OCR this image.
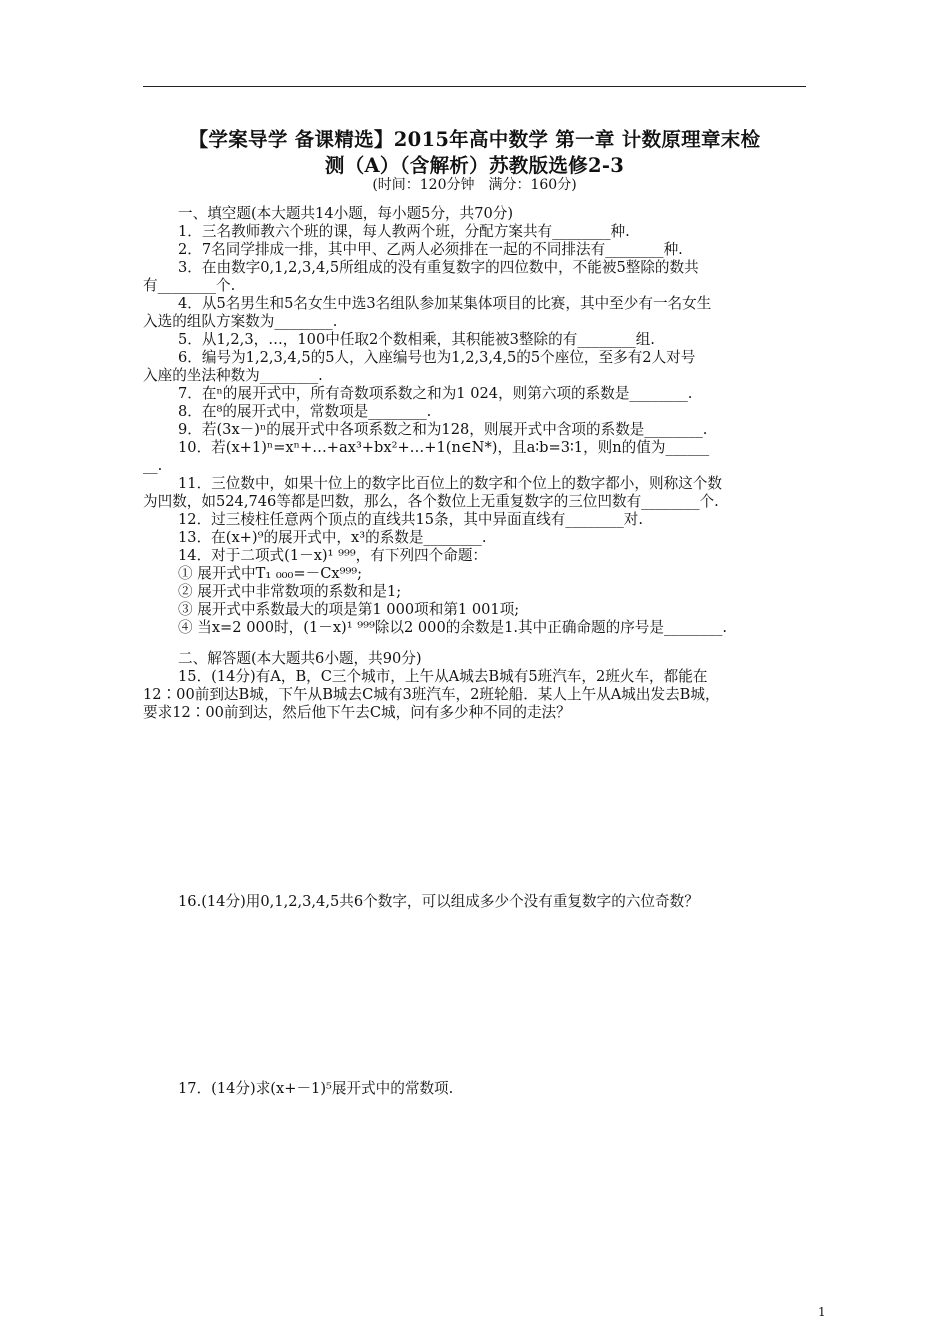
【学案导学 备课精选】2015年高中数学 第一章 计数原理章末检
测（A）（含解析）苏教版选修2-3
(时间：120分钟　满分：160分)
一、填空题(本大题共14小题，每小题5分，共70分)
1．三名教师教六个班的课，每人教两个班，分配方案共有________种.
2．7名同学排成一排，其中甲、乙两人必须排在一起的不同排法有________种.
3．在由数字0,1,2,3,4,5所组成的没有重复数字的四位数中，不能被5整除的数共
有________个.
4．从5名男生和5名女生中选3名组队参加某集体项目的比赛，其中至少有一名女生
入选的组队方案数为________.
5．从1,2,3，…，100中任取2个数相乘，其积能被3整除的有________组.
6．编号为1,2,3,4,5的5人，入座编号也为1,2,3,4,5的5个座位，至多有2人对号
入座的坐法种数为________.
7．在ⁿ的展开式中，所有奇数项系数之和为1 024，则第六项的系数是________.
8．在⁸的展开式中，常数项是________.
9．若(3x－)ⁿ的展开式中各项系数之和为128，则展开式中含项的系数是________.
10．若(x+1)ⁿ=xⁿ+…+ax³+bx²+…+1(n∈N*)，且a∶b=3∶1，则n的值为______
__.
11．三位数中，如果十位上的数字比百位上的数字和个位上的数字都小，则称这个数
为凹数，如524,746等都是凹数，那么，各个数位上无重复数字的三位凹数有________个.
12．过三棱柱任意两个顶点的直线共15条，其中异面直线有________对.
13．在(x+)⁹的展开式中，x³的系数是________.
14．对于二项式(1－x)¹ ⁹⁹⁹，有下列四个命题：
① 展开式中T₁ ₀₀₀=－Cx⁹⁹⁹;
② 展开式中非常数项的系数和是1;
③ 展开式中系数最大的项是第1 000项和第1 001项;
④ 当x=2 000时，(1－x)¹ ⁹⁹⁹除以2 000的余数是1.其中正确命题的序号是________.
二、解答题(本大题共6小题，共90分)
15．(14分)有A，B，C三个城市，上午从A城去B城有5班汽车，2班火车，都能在
12∶00前到达B城，下午从B城去C城有3班汽车，2班轮船．某人上午从A城出发去B城，
要求12∶00前到达，然后他下午去C城，问有多少种不同的走法？
16.(14分)用0,1,2,3,4,5共6个数字，可以组成多少个没有重复数字的六位奇数？
17．(14分)求(x+－1)⁵展开式中的常数项.
1
